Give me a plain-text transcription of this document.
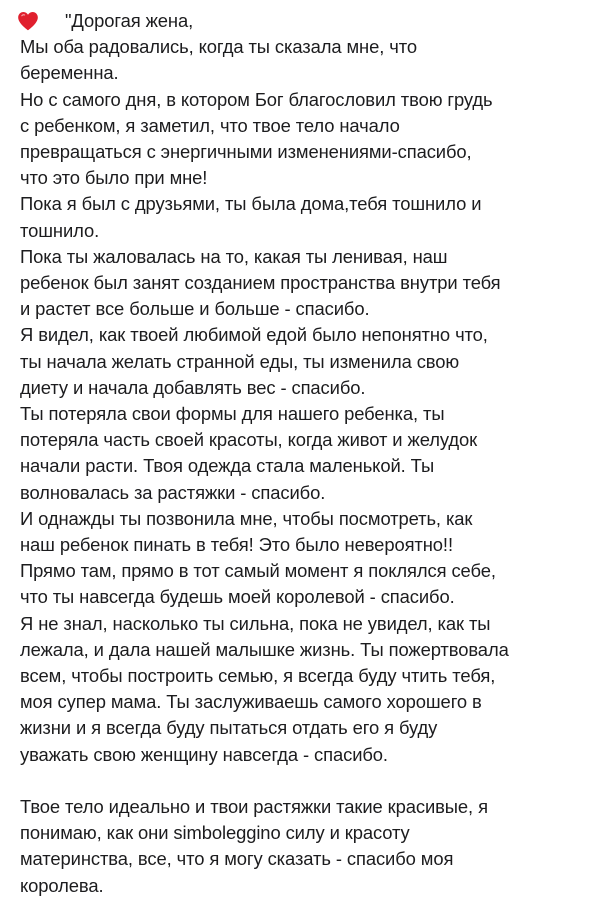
"Дорогая жена,
Мы оба радовались, когда ты сказала мне, что
беременна.
Но с самого дня, в котором Бог благословил твою грудь
с ребенком, я заметил, что твое тело начало
превращаться с энергичными изменениями-спасибо,
что это было при мне!
Пока я был с друзьями, ты была дома,тебя тошнило и
тошнило.
Пока ты жаловалась на то, какая ты ленивая, наш
ребенок был занят созданием пространства внутри тебя
и растет все больше и больше - спасибо.
Я видел, как твоей любимой едой было непонятно что,
ты начала желать странной еды, ты изменила свою
диету и начала добавлять вес - спасибо.
Ты потеряла свои формы для нашего ребенка, ты
потеряла часть своей красоты, когда живот и желудок
начали расти. Твоя одежда стала маленькой. Ты
волновалась за растяжки - спасибо.
И однажды ты позвонила мне, чтобы посмотреть, как
наш ребенок пинать в тебя! Это было невероятно!!
Прямо там, прямо в тот самый момент я поклялся себе,
что ты навсегда будешь моей королевой - спасибо.
Я не знал, насколько ты сильна, пока не увидел, как ты
лежала, и дала нашей малышке жизнь. Ты пожертвовала
всем, чтобы построить семью, я всегда буду чтить тебя,
моя супер мама. Ты заслуживаешь самого хорошего в
жизни и я всегда буду пытаться отдать его я буду
уважать свою женщину навсегда - спасибо.
Твое тело идеально и твои растяжки такие красивые, я
понимаю, как они simboleggino силу и красоту
материнства, все, что я могу сказать - спасибо моя
королева.
